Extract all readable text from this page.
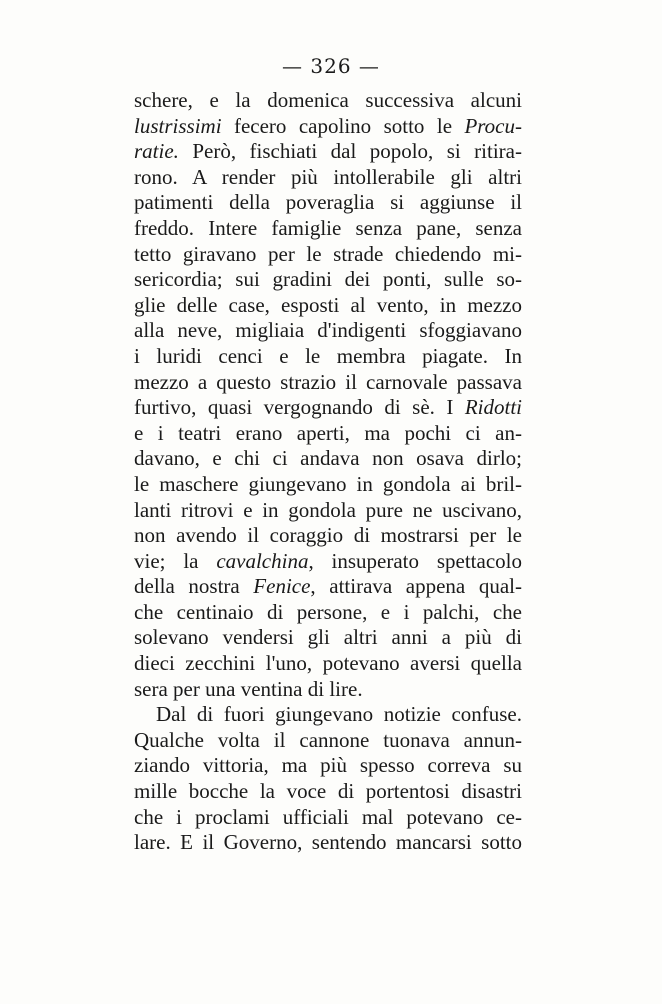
— 326 —
schere, e la domenica successiva alcuni
lustrissimi fecero capolino sotto le Procu-
ratie. Però, fischiati dal popolo, si ritira-
rono. A render più intollerabile gli altri
patimenti della poveraglia si aggiunse il
freddo. Intere famiglie senza pane, senza
tetto giravano per le strade chiedendo mi-
sericordia; sui gradini dei ponti, sulle so-
glie delle case, esposti al vento, in mezzo
alla neve, migliaia d'indigenti sfoggiavano
i luridi cenci e le membra piagate. In
mezzo a questo strazio il carnovale passava
furtivo, quasi vergognando di sè. I Ridotti
e i teatri erano aperti, ma pochi ci an-
davano, e chi ci andava non osava dirlo;
le maschere giungevano in gondola ai bril-
lanti ritrovi e in gondola pure ne uscivano,
non avendo il coraggio di mostrarsi per le
vie; la cavalchina, insuperato spettacolo
della nostra Fenice, attirava appena qual-
che centinaio di persone, e i palchi, che
solevano vendersi gli altri anni a più di
dieci zecchini l'uno, potevano aversi quella
sera per una ventina di lire.
Dal di fuori giungevano notizie confuse.
Qualche volta il cannone tuonava annun-
ziando vittoria, ma più spesso correva su
mille bocche la voce di portentosi disastri
che i proclami ufficiali mal potevano ce-
lare. E il Governo, sentendo mancarsi sotto
